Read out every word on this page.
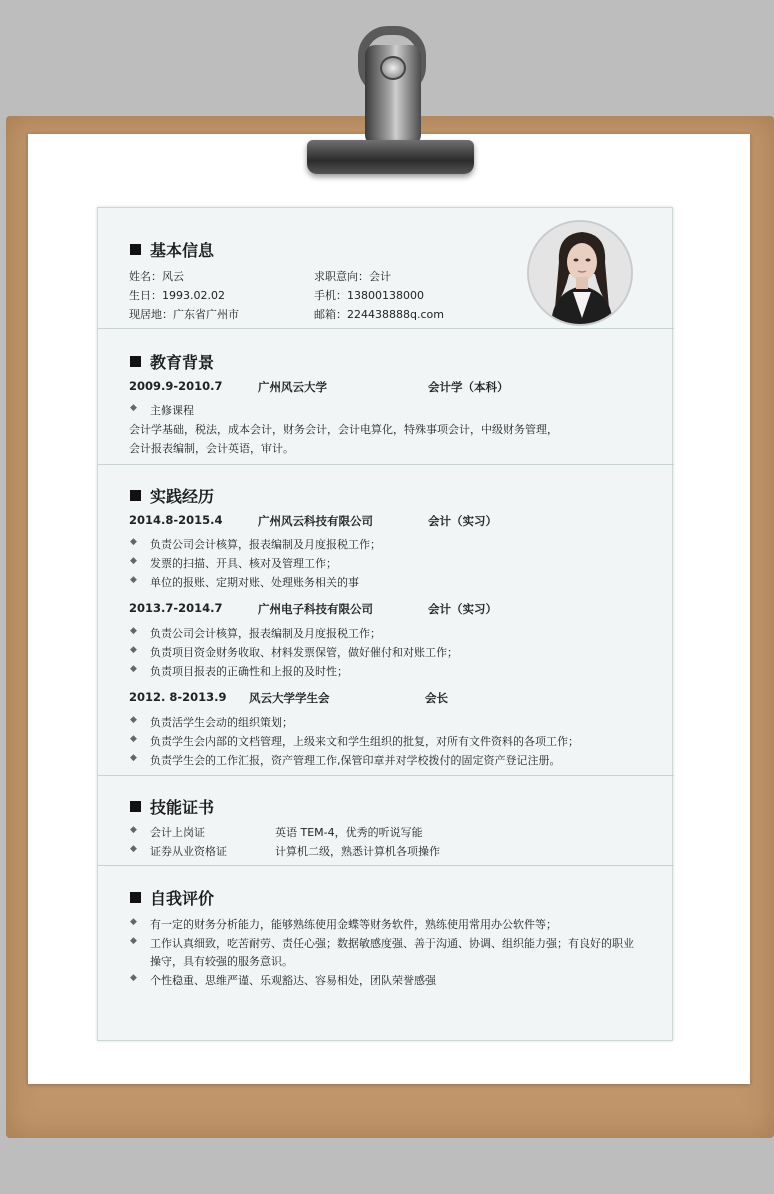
基本信息
姓名：风云
生日：1993.02.02
现居地：广东省广州市
求职意向：会计
手机：13800138000
邮箱：224438888q.com
教育背景
2009.9-2010.7	广州风云大学	会计学（本科）
◆ 主修课程
会计学基础，税法，成本会计，财务会计，会计电算化，特殊事项会计，中级财务管理，
会计报表编制，会计英语，审计。
实践经历
2014.8-2015.4	广州风云科技有限公司	会计（实习）
◆ 负责公司会计核算，报表编制及月度报税工作；
◆ 发票的扫描、开具、核对及管理工作；
◆ 单位的报账、定期对账、处理账务相关的事
2013.7-2014.7	广州电子科技有限公司	会计（实习）
◆ 负责公司会计核算，报表编制及月度报税工作；
◆ 负责项目资金财务收取、材料发票保管，做好催付和对账工作；
◆ 负责项目报表的正确性和上报的及时性；
2012. 8-2013.9 风云大学学生会	会长
◆ 负责活学生会动的组织策划；
◆ 负责学生会内部的文档管理，上级来文和学生组织的批复，对所有文件资料的各项工作；
◆ 负责学生会的工作汇报，资产管理工作,保管印章并对学校拨付的固定资产登记注册。
技能证书
◆ 会计上岗证	英语 TEM-4，优秀的听说写能
◆ 证券从业资格证	计算机二级，熟悉计算机各项操作
自我评价
◆ 有一定的财务分析能力，能够熟练使用金蝶等财务软件，熟练使用常用办公软件等；
◆ 工作认真细致，吃苦耐劳、责任心强；数据敏感度强、善于沟通、协调、组织能力强；有良好的职业
操守，具有较强的服务意识。
◆ 个性稳重、思维严谨、乐观豁达、容易相处，团队荣誉感强
